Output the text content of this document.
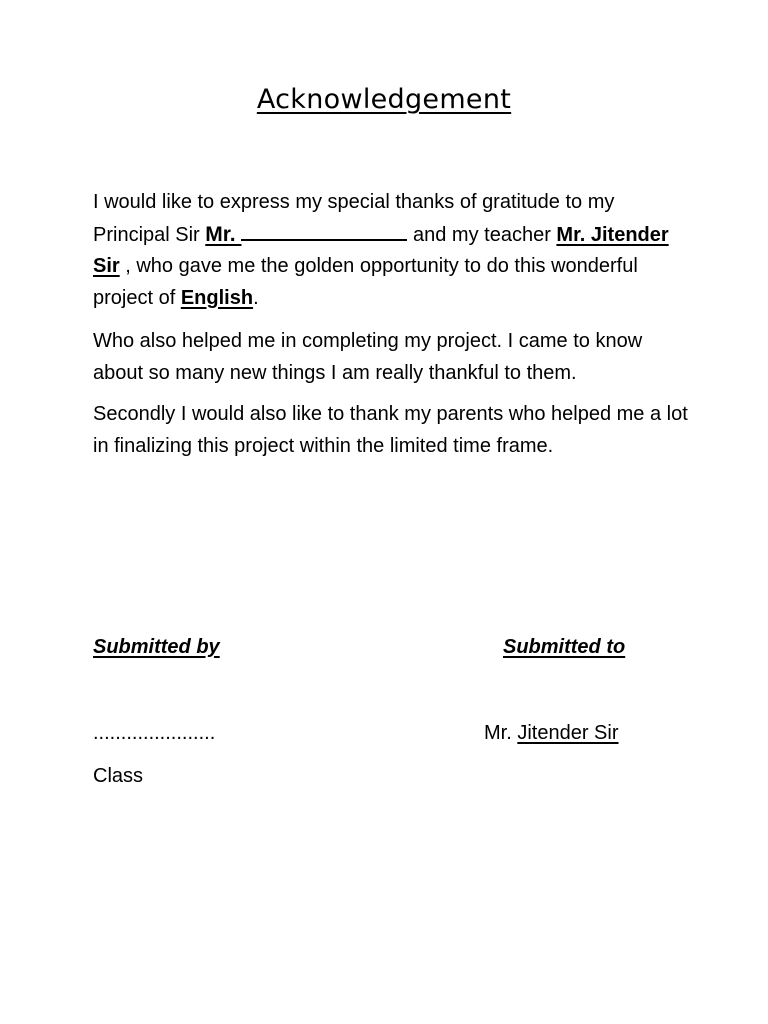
Acknowledgement

I would like to express my special thanks of gratitude to my Principal Sir Mr.	and my teacher Mr. Jitender Sir , who gave me the golden opportunity to do this wonderful project of English.

Who also helped me in completing my project. I came to know about so many new things I am really thankful to them.

Secondly I would also like to thank my parents who helped me a lot in finalizing this project within the limited time frame.

Submitted by	Submitted to
......................	Mr. Jitender Sir
Class
